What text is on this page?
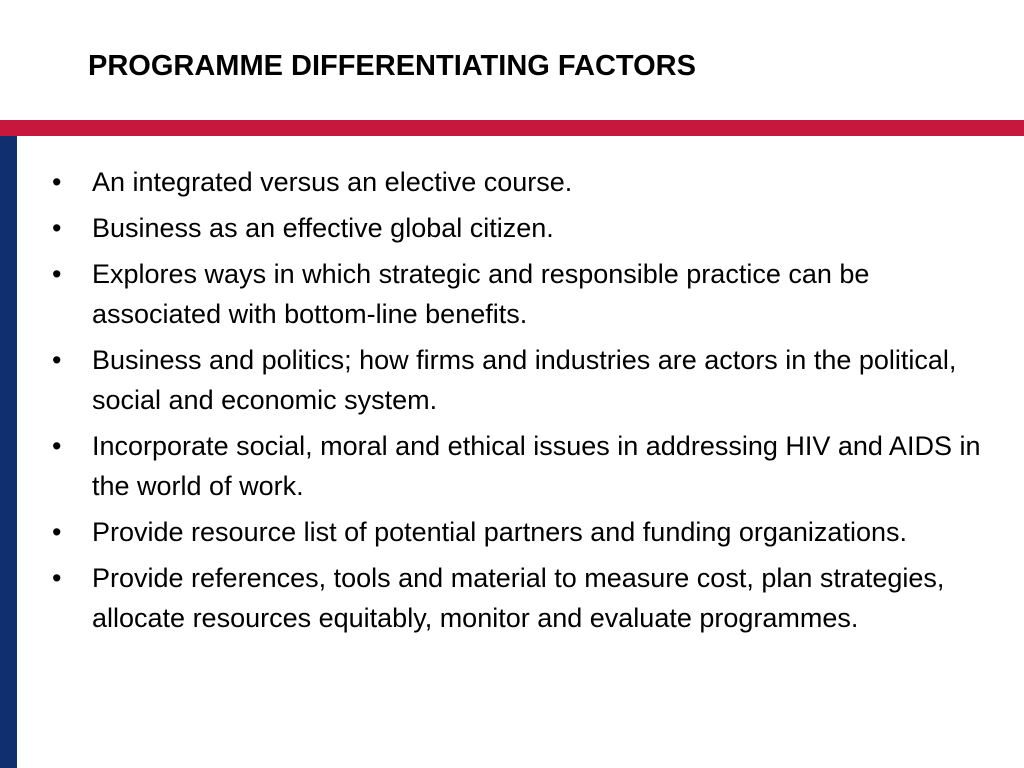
PROGRAMME DIFFERENTIATING FACTORS
•	An integrated versus an elective course.
•	Business as an effective global citizen.
•	Explores ways in which strategic and responsible practice can be associated with bottom-line benefits.
•	Business and politics; how firms and industries are actors in the political, social and economic system.
•	Incorporate social, moral and ethical issues in addressing HIV and AIDS in the world of work.
•	Provide resource list of potential partners and funding organizations.
•	Provide references, tools and material to measure cost, plan strategies, allocate resources equitably, monitor and evaluate programmes.
